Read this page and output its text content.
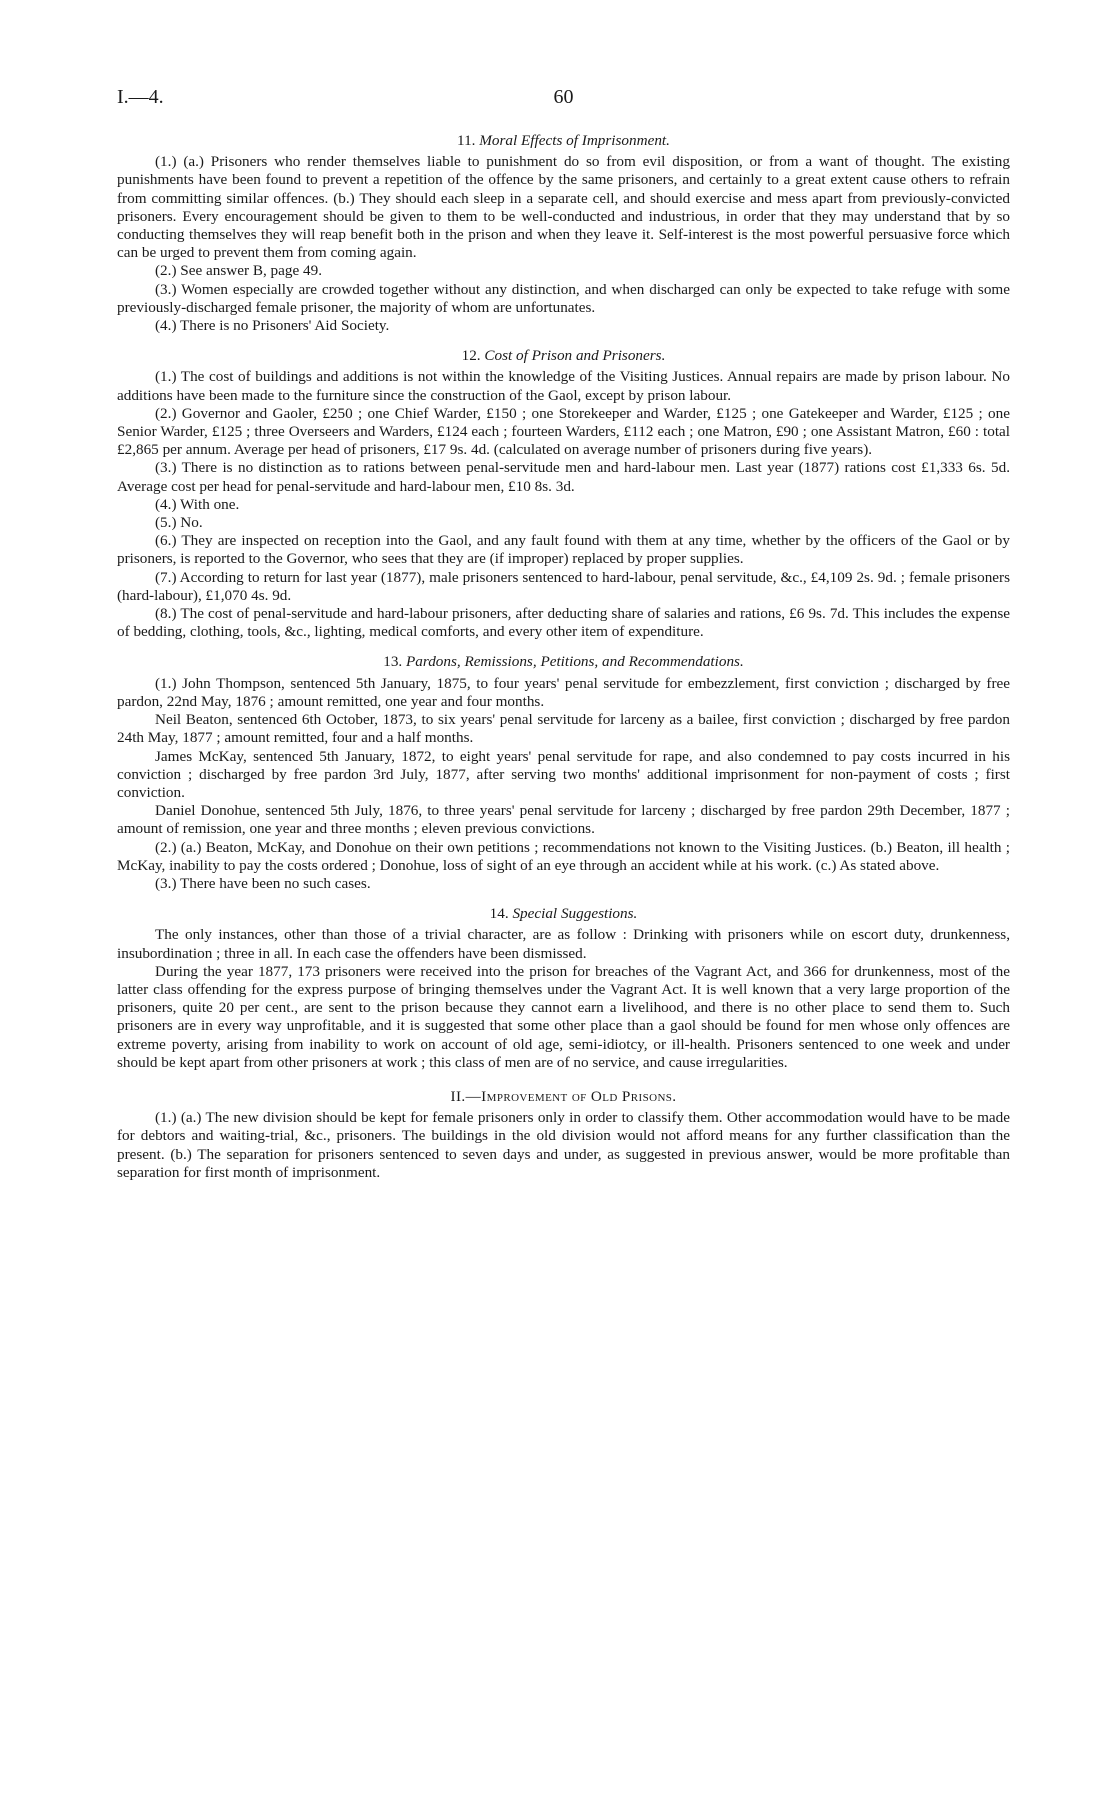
I.—4.	60
11. Moral Effects of Imprisonment.

(1.) (a.) Prisoners who render themselves liable to punishment do so from evil disposition, or from a want of thought. The existing punishments have been found to prevent a repetition of the offence by the same prisoners, and certainly to a great extent cause others to refrain from committing similar offences. (b.) They should each sleep in a separate cell, and should exercise and mess apart from previously-convicted prisoners. Every encouragement should be given to them to be well-conducted and industrious, in order that they may understand that by so conducting themselves they will reap benefit both in the prison and when they leave it. Self-interest is the most powerful persuasive force which can be urged to prevent them from coming again.

(2.) See answer B, page 49.

(3.) Women especially are crowded together without any distinction, and when discharged can only be expected to take refuge with some previously-discharged female prisoner, the majority of whom are unfortunates.

(4.) There is no Prisoners' Aid Society.

12. Cost of Prison and Prisoners.

(1.) The cost of buildings and additions is not within the knowledge of the Visiting Justices. Annual repairs are made by prison labour. No additions have been made to the furniture since the construction of the Gaol, except by prison labour.

(2.) Governor and Gaoler, £250 ; one Chief Warder, £150 ; one Storekeeper and Warder, £125 ; one Gatekeeper and Warder, £125 ; one Senior Warder, £125 ; three Overseers and Warders, £124 each ; fourteen Warders, £112 each ; one Matron, £90 ; one Assistant Matron, £60 : total £2,865 per annum. Average per head of prisoners, £17 9s. 4d. (calculated on average number of prisoners during five years).

(3.) There is no distinction as to rations between penal-servitude men and hard-labour men. Last year (1877) rations cost £1,333 6s. 5d. Average cost per head for penal-servitude and hard-labour men, £10 8s. 3d.

(4.) With one.

(5.) No.

(6.) They are inspected on reception into the Gaol, and any fault found with them at any time, whether by the officers of the Gaol or by prisoners, is reported to the Governor, who sees that they are (if improper) replaced by proper supplies.

(7.) According to return for last year (1877), male prisoners sentenced to hard-labour, penal servitude, &c., £4,109 2s. 9d. ; female prisoners (hard-labour), £1,070 4s. 9d.

(8.) The cost of penal-servitude and hard-labour prisoners, after deducting share of salaries and rations, £6 9s. 7d. This includes the expense of bedding, clothing, tools, &c., lighting, medical comforts, and every other item of expenditure.

13. Pardons, Remissions, Petitions, and Recommendations.

(1.) John Thompson, sentenced 5th January, 1875, to four years' penal servitude for embezzlement, first conviction ; discharged by free pardon, 22nd May, 1876 ; amount remitted, one year and four months.

Neil Beaton, sentenced 6th October, 1873, to six years' penal servitude for larceny as a bailee, first conviction ; discharged by free pardon 24th May, 1877 ; amount remitted, four and a half months.

James McKay, sentenced 5th January, 1872, to eight years' penal servitude for rape, and also condemned to pay costs incurred in his conviction ; discharged by free pardon 3rd July, 1877, after serving two months' additional imprisonment for non-payment of costs ; first conviction.

Daniel Donohue, sentenced 5th July, 1876, to three years' penal servitude for larceny ; discharged by free pardon 29th December, 1877 ; amount of remission, one year and three months ; eleven previous convictions.

(2.) (a.) Beaton, McKay, and Donohue on their own petitions ; recommendations not known to the Visiting Justices. (b.) Beaton, ill health ; McKay, inability to pay the costs ordered ; Donohue, loss of sight of an eye through an accident while at his work. (c.) As stated above.

(3.) There have been no such cases.

14. Special Suggestions.

The only instances, other than those of a trivial character, are as follow : Drinking with prisoners while on escort duty, drunkenness, insubordination ; three in all. In each case the offenders have been dismissed.

During the year 1877, 173 prisoners were received into the prison for breaches of the Vagrant Act, and 366 for drunkenness, most of the latter class offending for the express purpose of bringing themselves under the Vagrant Act. It is well known that a very large proportion of the prisoners, quite 20 per cent., are sent to the prison because they cannot earn a livelihood, and there is no other place to send them to. Such prisoners are in every way unprofitable, and it is suggested that some other place than a gaol should be found for men whose only offences are extreme poverty, arising from inability to work on account of old age, semi-idiotcy, or ill-health. Prisoners sentenced to one week and under should be kept apart from other prisoners at work ; this class of men are of no service, and cause irregularities.

II.—Improvement of Old Prisons.

(1.) (a.) The new division should be kept for female prisoners only in order to classify them. Other accommodation would have to be made for debtors and waiting-trial, &c., prisoners. The buildings in the old division would not afford means for any further classification than the present. (b.) The separation for prisoners sentenced to seven days and under, as suggested in previous answer, would be more profitable than separation for first month of imprisonment.
